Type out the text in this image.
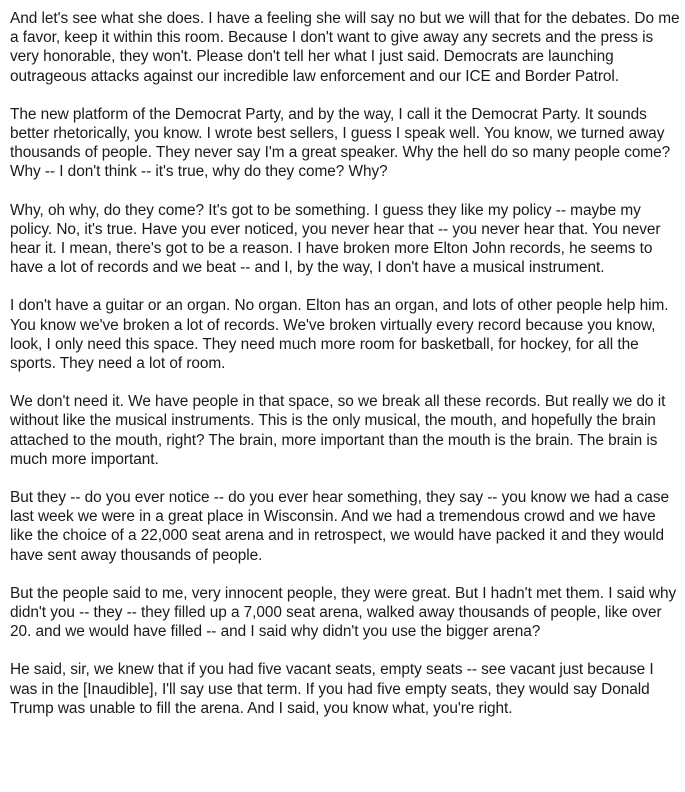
And let's see what she does. I have a feeling she will say no but we will that for the debates. Do me a favor, keep it within this room. Because I don't want to give away any secrets and the press is very honorable, they won't. Please don't tell her what I just said. Democrats are launching outrageous attacks against our incredible law enforcement and our ICE and Border Patrol.

The new platform of the Democrat Party, and by the way, I call it the Democrat Party. It sounds better rhetorically, you know. I wrote best sellers, I guess I speak well. You know, we turned away thousands of people. They never say I'm a great speaker. Why the hell do so many people come? Why -- I don't think -- it's true, why do they come? Why?

Why, oh why, do they come? It's got to be something. I guess they like my policy -- maybe my policy. No, it's true. Have you ever noticed, you never hear that -- you never hear that. You never hear it. I mean, there's got to be a reason. I have broken more Elton John records, he seems to have a lot of records and we beat -- and I, by the way, I don't have a musical instrument.

I don't have a guitar or an organ. No organ. Elton has an organ, and lots of other people help him. You know we've broken a lot of records. We've broken virtually every record because you know, look, I only need this space. They need much more room for basketball, for hockey, for all the sports. They need a lot of room.

We don't need it. We have people in that space, so we break all these records. But really we do it without like the musical instruments. This is the only musical, the mouth, and hopefully the brain attached to the mouth, right? The brain, more important than the mouth is the brain. The brain is much more important.

But they -- do you ever notice -- do you ever hear something, they say -- you know we had a case last week we were in a great place in Wisconsin. And we had a tremendous crowd and we have like the choice of a 22,000 seat arena and in retrospect, we would have packed it and they would have sent away thousands of people.

But the people said to me, very innocent people, they were great. But I hadn't met them. I said why didn't you -- they -- they filled up a 7,000 seat arena, walked away thousands of people, like over 20. and we would have filled -- and I said why didn't you use the bigger arena?

He said, sir, we knew that if you had five vacant seats, empty seats -- see vacant just because I was in the [Inaudible], I'll say use that term. If you had five empty seats, they would say Donald Trump was unable to fill the arena. And I said, you know what, you're right.
